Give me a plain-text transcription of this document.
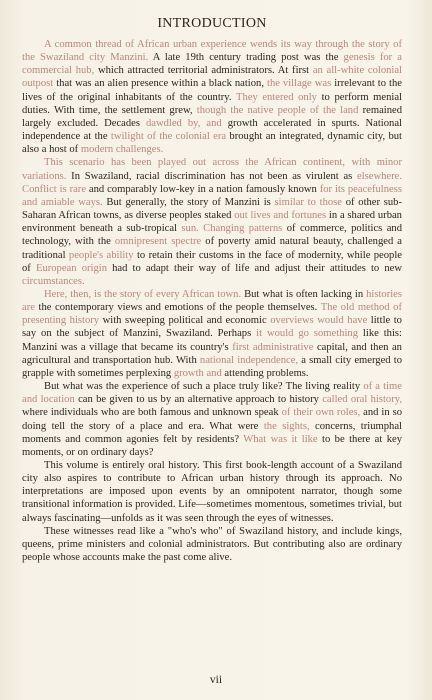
INTRODUCTION

A common thread of African urban experience wends its way through the story of the Swaziland city Manzini. A late 19th century trading post was the genesis for a commercial hub, which attracted territorial administrators. At first an all-white colonial outpost that was an alien presence within a black nation, the village was irrelevant to the lives of the original inhabitants of the country. They entered only to perform menial duties. With time, the settlement grew, though the native people of the land remained largely excluded. Decades dawdled by, and growth accelerated in spurts. National independence at the twilight of the colonial era brought an integrated, dynamic city, but also a host of modern challenges.

This scenario has been played out across the African continent, with minor variations. In Swaziland, racial discrimination has not been as virulent as elsewhere. Conflict is rare and comparably low-key in a nation famously known for its peacefulness and amiable ways. But generally, the story of Manzini is similar to those of other sub-Saharan African towns, as diverse peoples staked out lives and fortunes in a shared urban environment beneath a sub-tropical sun. Changing patterns of commerce, politics and technology, with the omnipresent spectre of poverty amid natural beauty, challenged a traditional people's ability to retain their customs in the face of modernity, while people of European origin had to adapt their way of life and adjust their attitudes to new circumstances.

Here, then, is the story of every African town. But what is often lacking in histories are the contemporary views and emotions of the people themselves. The old method of presenting history with sweeping political and economic overviews would have little to say on the subject of Manzini, Swaziland. Perhaps it would go something like this: Manzini was a village that became its country's first administrative capital, and then an agricultural and transportation hub. With national independence, a small city emerged to grapple with sometimes perplexing growth and attending problems.

But what was the experience of such a place truly like? The living reality of a time and location can be given to us by an alternative approach to history called oral history, where individuals who are both famous and unknown speak of their own roles, and in so doing tell the story of a place and era. What were the sights, concerns, triumphal moments and common agonies felt by residents? What was it like to be there at key moments, or on ordinary days?

This volume is entirely oral history. This first book-length account of a Swaziland city also aspires to contribute to African urban history through its approach. No interpretations are imposed upon events by an omnipotent narrator, though some transitional information is provided. Life—sometimes momentous, sometimes trivial, but always fascinating—unfolds as it was seen through the eyes of witnesses.

These witnesses read like a "who's who" of Swaziland history, and include kings, queens, prime ministers and colonial administrators. But contributing also are ordinary people whose accounts make the past come alive.

vii
